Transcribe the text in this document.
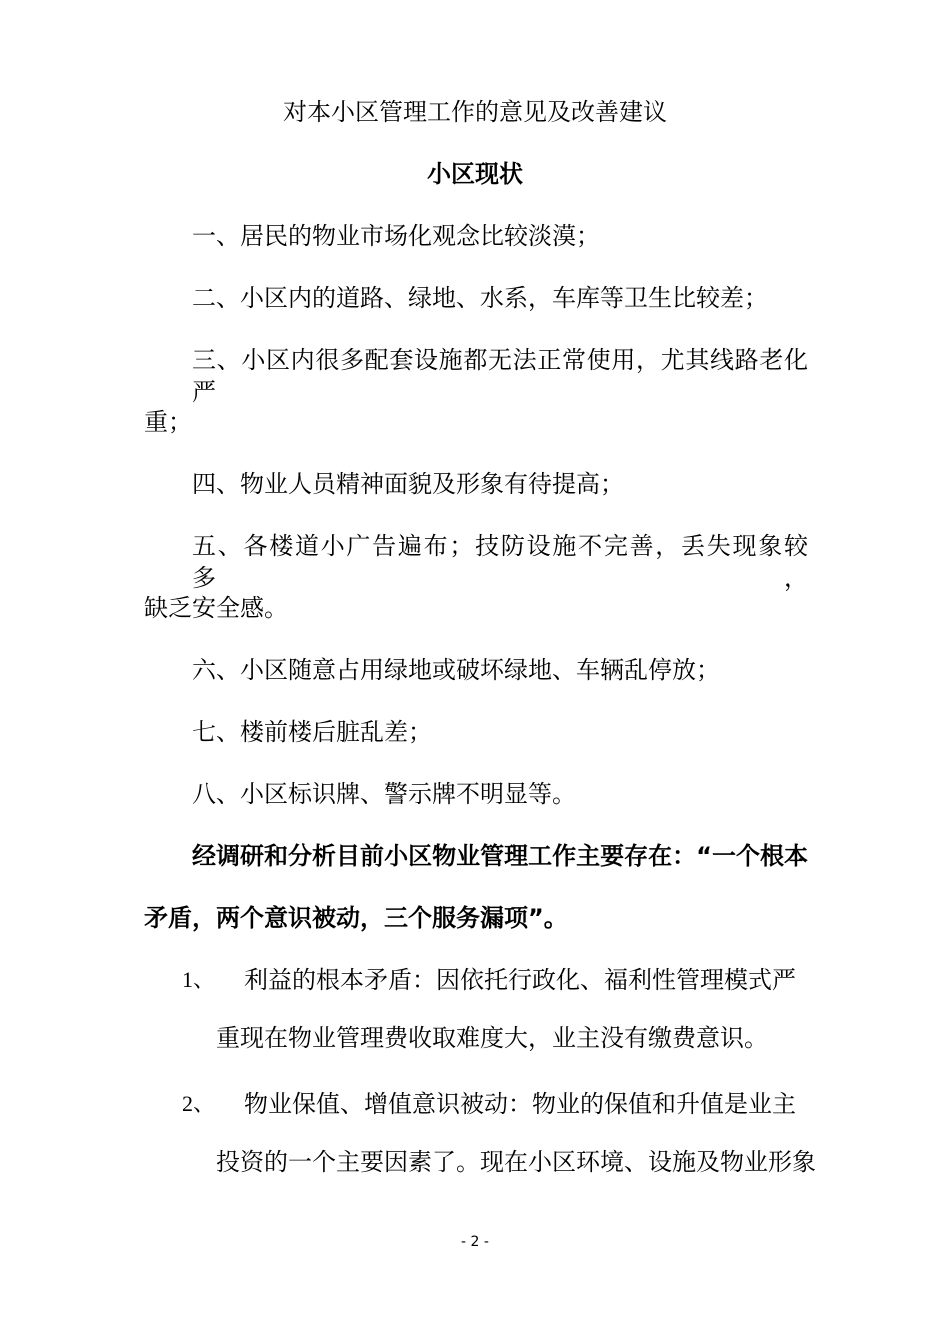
对本小区管理工作的意见及改善建议

小区现状

一、居民的物业市场化观念比较淡漠；

二、小区内的道路、绿地、水系，车库等卫生比较差；

三、小区内很多配套设施都无法正常使用，尤其线路老化严

重；

四、物业人员精神面貌及形象有待提高；

五、各楼道小广告遍布；技防设施不完善，丢失现象较多，

缺乏安全感。

六、小区随意占用绿地或破坏绿地、车辆乱停放；

七、楼前楼后脏乱差；

八、小区标识牌、警示牌不明显等。

经调研和分析目前小区物业管理工作主要存在：“一个根本

矛盾，两个意识被动，三个服务漏项”。

1、 利益的根本矛盾：因依托行政化、福利性管理模式严

重现在物业管理费收取难度大，业主没有缴费意识。

2、 物业保值、增值意识被动：物业的保值和升值是业主

投资的一个主要因素了。现在小区环境、设施及物业形象

- 2 -
